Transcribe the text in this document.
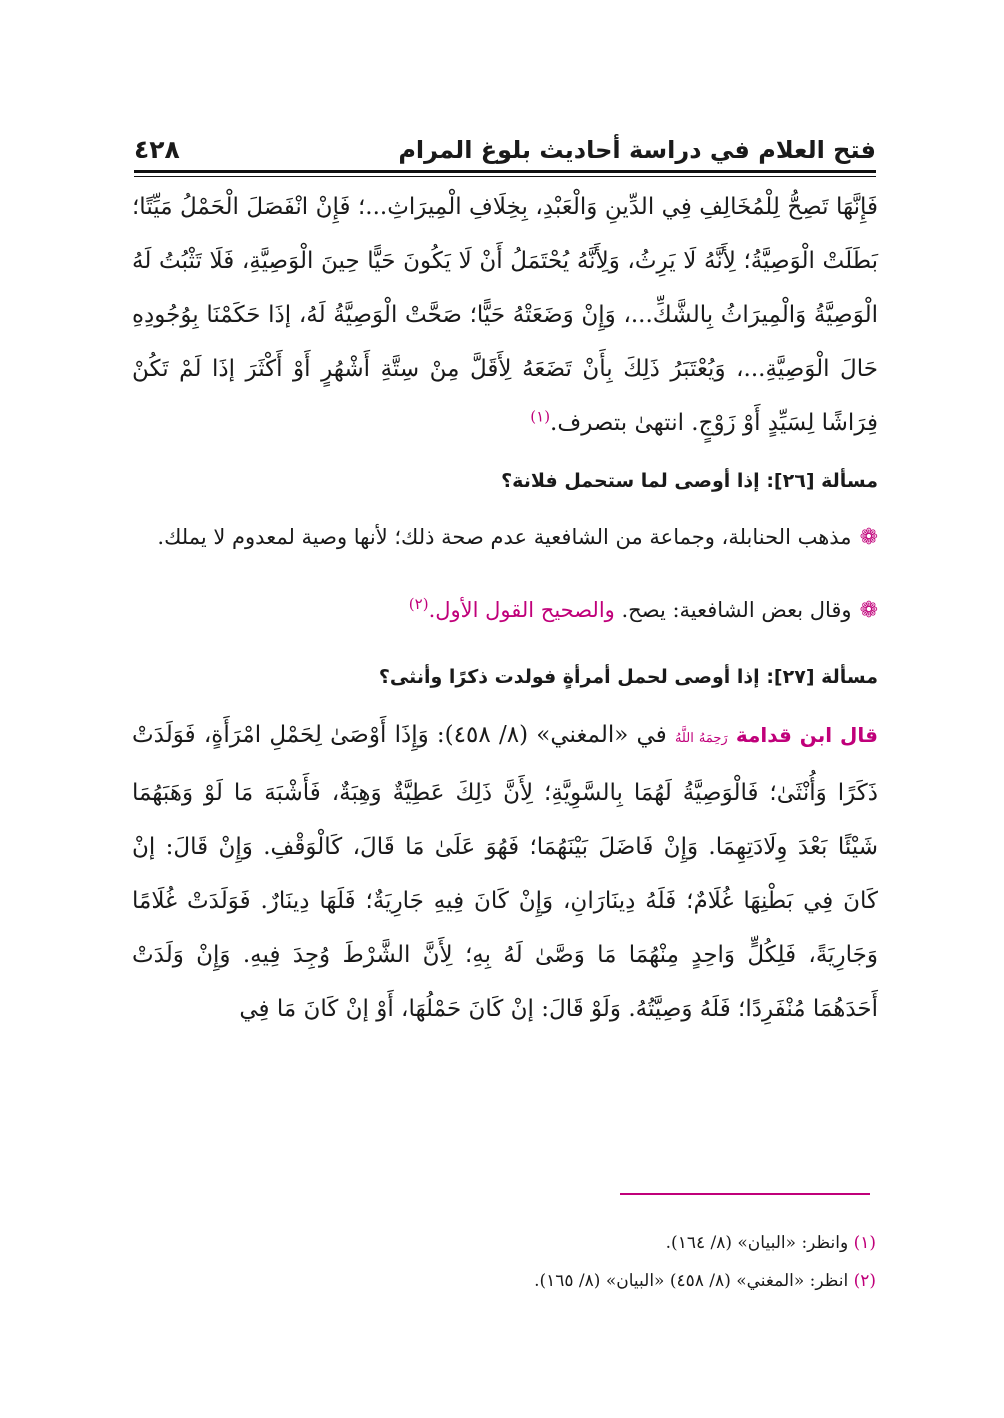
فتح العلام في دراسة أحاديث بلوغ المرام
٤٢٨

فَإِنَّهَا تَصِحُّ لِلْمُخَالِفِ فِي الدِّينِ وَالْعَبْدِ، بِخِلَافِ الْمِيرَاثِ...؛ فَإِنْ انْفَصَلَ الْحَمْلُ مَيِّتًا؛ بَطَلَتْ الْوَصِيَّةُ؛ لِأَنَّهُ لَا يَرِثُ، وَلِأَنَّهُ يُحْتَمَلُ أَنْ لَا يَكُونَ حَيًّا حِينَ الْوَصِيَّةِ، فَلَا تَثْبُتُ لَهُ الْوَصِيَّةُ وَالْمِيرَاثُ بِالشَّكِّ...، وَإِنْ وَضَعَتْهُ حَيًّا؛ صَحَّتْ الْوَصِيَّةُ لَهُ، إذَا حَكَمْنَا بِوُجُودِهِ حَالَ الْوَصِيَّةِ...، وَيُعْتَبَرُ ذَلِكَ بِأَنْ تَضَعَهُ لِأَقَلَّ مِنْ سِتَّةِ أَشْهُرٍ أَوْ أَكْثَرَ إذَا لَمْ تَكُنْ فِرَاشًا لِسَيِّدٍ أَوْ زَوْجٍ. انتهىٰ بتصرف.$^{(١)}$

مسألة [٢٦]: إذا أوصى لما ستحمل فلانة؟

❁مذهب الحنابلة، وجماعة من الشافعية عدم صحة ذلك؛ لأنها وصية لمعدوم لا يملك.

❁وقال بعض الشافعية: يصح. والصحيح القول الأول.$^{(٢)}$

مسألة [٢٧]: إذا أوصى لحمل أمرأةٍ فولدت ذكرًا وأنثى؟

قال ابن قدامة رَحِمَهُ اللَّهُ في «المغني» (٨/ ٤٥٨): وَإِذَا أَوْصَىٰ لِحَمْلِ امْرَأَةٍ، فَوَلَدَتْ ذَكَرًا وَأُنْثَىٰ؛ فَالْوَصِيَّةُ لَهُمَا بِالسَّوِيَّةِ؛ لِأَنَّ ذَلِكَ عَطِيَّةٌ وَهِبَةٌ، فَأَشْبَهَ مَا لَوْ وَهَبَهُمَا شَيْئًا بَعْدَ وِلَادَتِهِمَا. وَإِنْ فَاضَلَ بَيْنَهُمَا؛ فَهُوَ عَلَىٰ مَا قَالَ، كَالْوَقْفِ. وَإِنْ قَالَ: إنْ كَانَ فِي بَطْنِهَا غُلَامٌ؛ فَلَهُ دِينَارَانِ، وَإِنْ كَانَ فِيهِ جَارِيَةٌ؛ فَلَهَا دِينَارٌ. فَوَلَدَتْ غُلَامًا وَجَارِيَةً، فَلِكُلٍّ وَاحِدٍ مِنْهُمَا مَا وَصَّىٰ لَهُ بِهِ؛ لِأَنَّ الشَّرْطَ وُجِدَ فِيهِ. وَإِنْ وَلَدَتْ أَحَدَهُمَا مُنْفَرِدًا؛ فَلَهُ وَصِيَّتُهُ. وَلَوْ قَالَ: إنْ كَانَ حَمْلُهَا، أَوْ إنْ كَانَ مَا فِي

(١) وانظر: «البيان» (٨/ ١٦٤).

(٢) انظر: «المغني» (٨/ ٤٥٨) «البيان» (٨/ ١٦٥).
